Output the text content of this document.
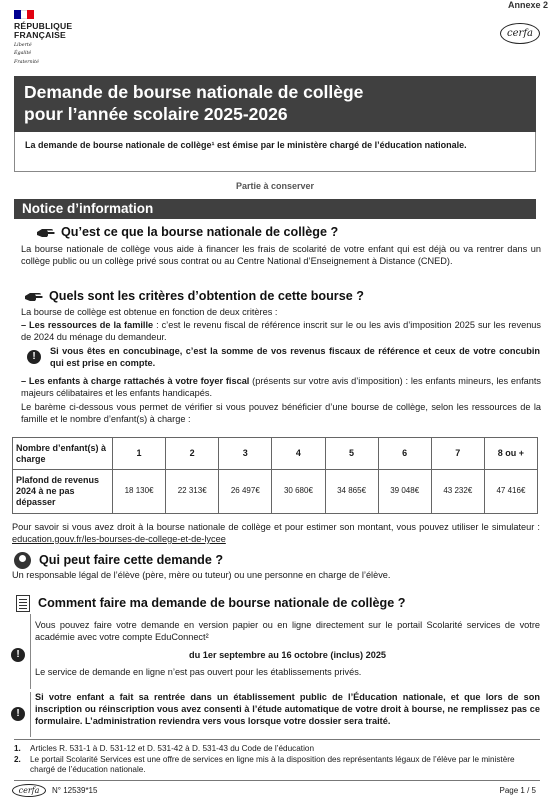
Annexe 2
RÉPUBLIQUE
FRANÇAISE
Liberté
Égalité
Fraternité
cerfa
Demande de bourse nationale de collège
pour l’année scolaire 2025-2026
La demande de bourse nationale de collège¹ est émise par le ministère chargé de l’éducation nationale.
Partie à conserver
Notice d’information
Qu’est ce que la bourse nationale de collège ?
La bourse nationale de collège vous aide à financer les frais de scolarité de votre enfant qui est déjà ou va rentrer dans un collège public ou un collège privé sous contrat ou au Centre National d’Enseignement à Distance (CNED).
Quels sont les critères d’obtention de cette bourse ?
La bourse de collège est obtenue en fonction de deux critères :
– Les ressources de la famille : c’est le revenu fiscal de référence inscrit sur le ou les avis d’imposition 2025 sur les revenus de 2024 du ménage du demandeur.
!	Si vous êtes en concubinage, c’est la somme de vos revenus fiscaux de référence et ceux de votre concubin qui est prise en compte.
– Les enfants à charge rattachés à votre foyer fiscal (présents sur votre avis d’imposition) : les enfants mineurs, les enfants majeurs célibataires et les enfants handicapés.
Le barème ci-dessous vous permet de vérifier si vous pouvez bénéficier d’une bourse de collège, selon les ressources de la famille et le nombre d’enfant(s) à charge :
Nombre d’enfant(s) à charge	1	2	3	4	5	6	7	8 ou +
Plafond de revenus 2024 à ne pas dépasser	18 130€	22 313€	26 497€	30 680€	34 865€	39 048€	43 232€	47 416€
Pour savoir si vous avez droit à la bourse nationale de collège et pour estimer son montant, vous pouvez utiliser le simulateur : education.gouv.fr/les-bourses-de-college-et-de-lycee
Qui peut faire cette demande ?
Un responsable légal de l’élève (père, mère ou tuteur) ou une personne en charge de l’élève.
Comment faire ma demande de bourse nationale de collège ?
Vous pouvez faire votre demande en version papier ou en ligne directement sur le portail Scolarité services de votre académie avec votre compte EduConnect²
du 1er septembre au 16 octobre (inclus) 2025
Le service de demande en ligne n’est pas ouvert pour les établissements privés.
!
Si votre enfant a fait sa rentrée dans un établissement public de l’Éducation nationale, et que lors de son inscription ou réinscription vous avez consenti à l’étude automatique de votre droit à bourse, ne remplissez pas ce formulaire. L’administration reviendra vers vous lorsque votre dossier sera traité.
!
1.	Articles R. 531-1 à D. 531-12 et D. 531-42 à D. 531-43 du Code de l’éducation
2.	Le portail Scolarité Services est une offre de services en ligne mis à la disposition des représentants légaux de l’élève par le ministère chargé de l’éducation nationale.
cerfa	N° 12539*15	Page 1 / 5
